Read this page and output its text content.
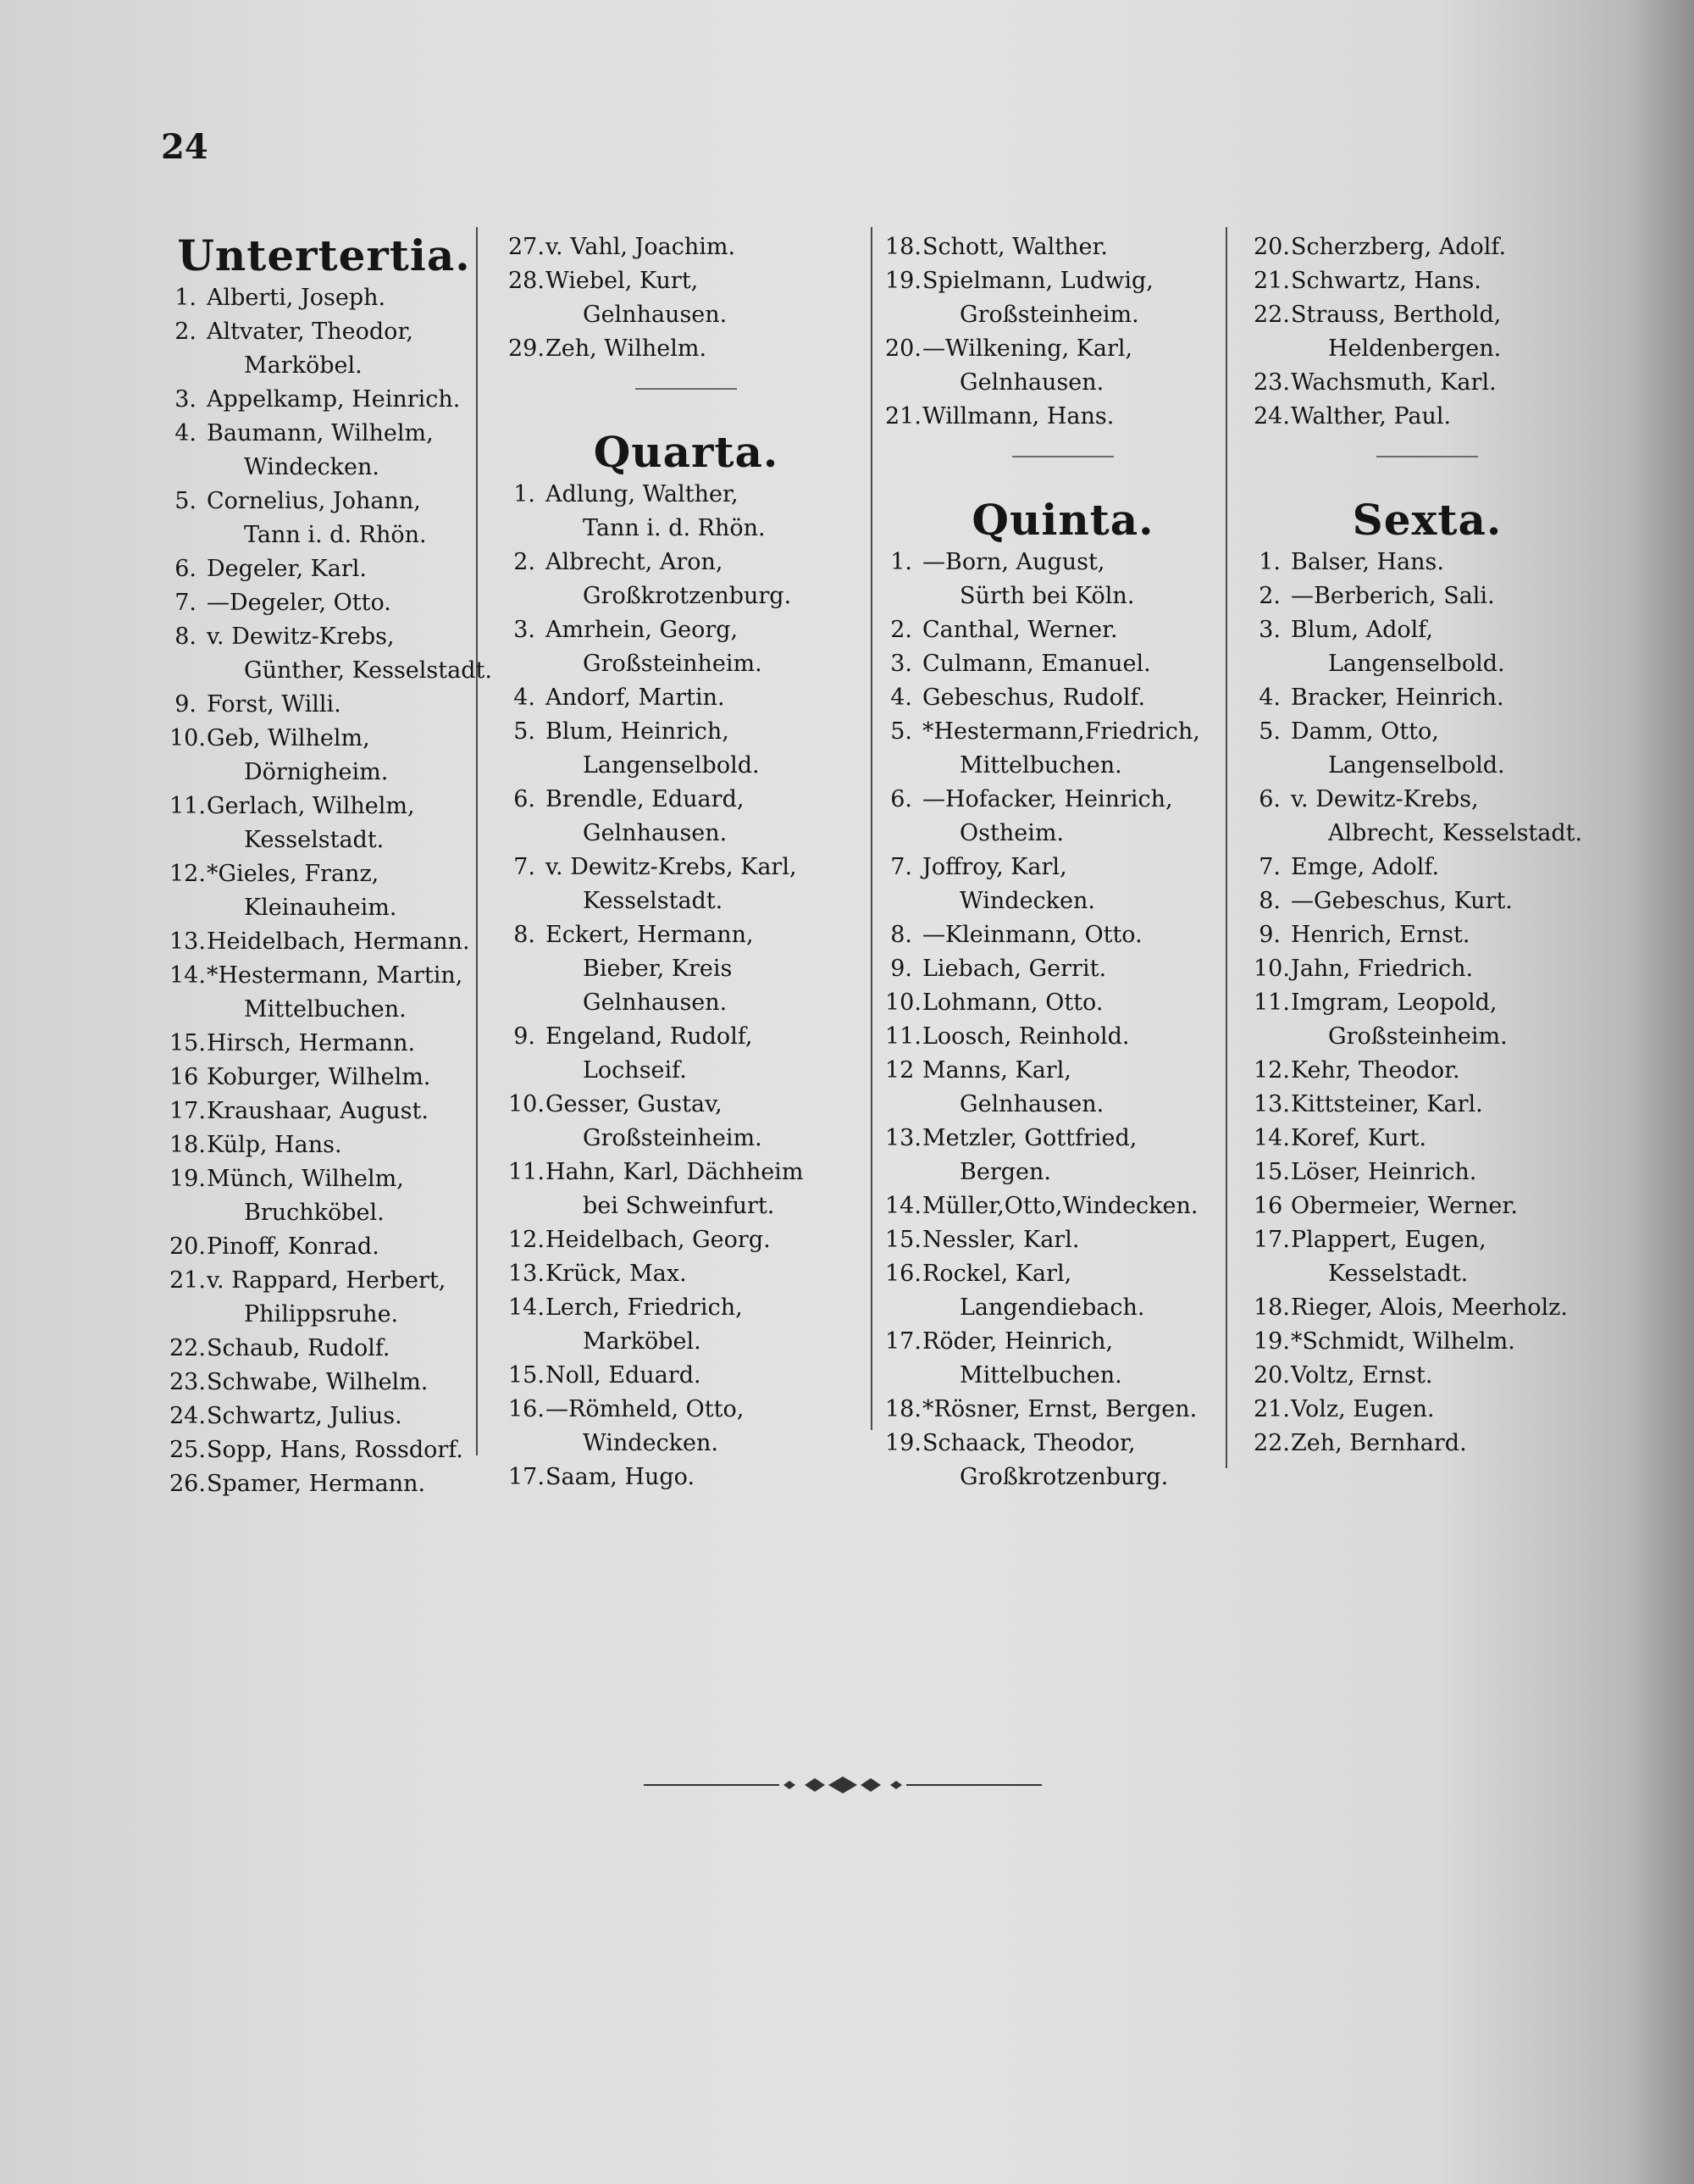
24
Untertertia.
1. Alberti, Joseph.
2. Altvater, Theodor,
Marköbel.
3. Appelkamp, Heinrich.
4. Baumann, Wilhelm,
Windecken.
5. Cornelius, Johann,
Tann i. d. Rhön.
6. Degeler, Karl.
7. —Degeler, Otto.
8. v. Dewitz-Krebs,
Günther, Kesselstadt.
9. Forst, Willi.
10. Geb, Wilhelm,
Dörnigheim.
11. Gerlach, Wilhelm,
Kesselstadt.
12. *Gieles, Franz,
Kleinauheim.
13. Heidelbach, Hermann.
14. *Hestermann, Martin,
Mittelbuchen.
15. Hirsch, Hermann.
16 Koburger, Wilhelm.
17. Kraushaar, August.
18. Külp, Hans.
19. Münch, Wilhelm,
Bruchköbel.
20. Pinoff, Konrad.
21. v. Rappard, Herbert,
Philippsruhe.
22. Schaub, Rudolf.
23. Schwabe, Wilhelm.
24. Schwartz, Julius.
25. Sopp, Hans, Rossdorf.
26. Spamer, Hermann.
27. v. Vahl, Joachim.
28. Wiebel, Kurt,
Gelnhausen.
29. Zeh, Wilhelm.
Quarta.
1. Adlung, Walther,
Tann i. d. Rhön.
2. Albrecht, Aron,
Großkrotzenburg.
3. Amrhein, Georg,
Großsteinheim.
4. Andorf, Martin.
5. Blum, Heinrich,
Langenselbold.
6. Brendle, Eduard,
Gelnhausen.
7. v. Dewitz-Krebs, Karl,
Kesselstadt.
8. Eckert, Hermann,
Bieber, Kreis
Gelnhausen.
9. Engeland, Rudolf,
Lochseif.
10. Gesser, Gustav,
Großsteinheim.
11. Hahn, Karl, Dächheim
bei Schweinfurt.
12. Heidelbach, Georg.
13. Krück, Max.
14. Lerch, Friedrich,
Marköbel.
15. Noll, Eduard.
16. —Römheld, Otto,
Windecken.
17. Saam, Hugo.
18. Schott, Walther.
19. Spielmann, Ludwig,
Großsteinheim.
20. —Wilkening, Karl,
Gelnhausen.
21. Willmann, Hans.
Quinta.
1. —Born, August,
Sürth bei Köln.
2. Canthal, Werner.
3. Culmann, Emanuel.
4. Gebeschus, Rudolf.
5. *Hestermann,Friedrich,
Mittelbuchen.
6. —Hofacker, Heinrich,
Ostheim.
7. Joffroy, Karl,
Windecken.
8. —Kleinmann, Otto.
9. Liebach, Gerrit.
10. Lohmann, Otto.
11. Loosch, Reinhold.
12 Manns, Karl,
Gelnhausen.
13. Metzler, Gottfried,
Bergen.
14. Müller,Otto,Windecken.
15. Nessler, Karl.
16. Rockel, Karl,
Langendiebach.
17. Röder, Heinrich,
Mittelbuchen.
18. *Rösner, Ernst, Bergen.
19. Schaack, Theodor,
Großkrotzenburg.
20. Scherzberg, Adolf.
21. Schwartz, Hans.
22. Strauss, Berthold,
Heldenbergen.
23. Wachsmuth, Karl.
24. Walther, Paul.
Sexta.
1. Balser, Hans.
2. —Berberich, Sali.
3. Blum, Adolf,
Langenselbold.
4. Bracker, Heinrich.
5. Damm, Otto,
Langenselbold.
6. v. Dewitz-Krebs,
Albrecht, Kesselstadt.
7. Emge, Adolf.
8. —Gebeschus, Kurt.
9. Henrich, Ernst.
10. Jahn, Friedrich.
11. Imgram, Leopold,
Großsteinheim.
12. Kehr, Theodor.
13. Kittsteiner, Karl.
14. Koref, Kurt.
15. Löser, Heinrich.
16 Obermeier, Werner.
17. Plappert, Eugen,
Kesselstadt.
18. Rieger, Alois, Meerholz.
19. *Schmidt, Wilhelm.
20. Voltz, Ernst.
21. Volz, Eugen.
22. Zeh, Bernhard.
